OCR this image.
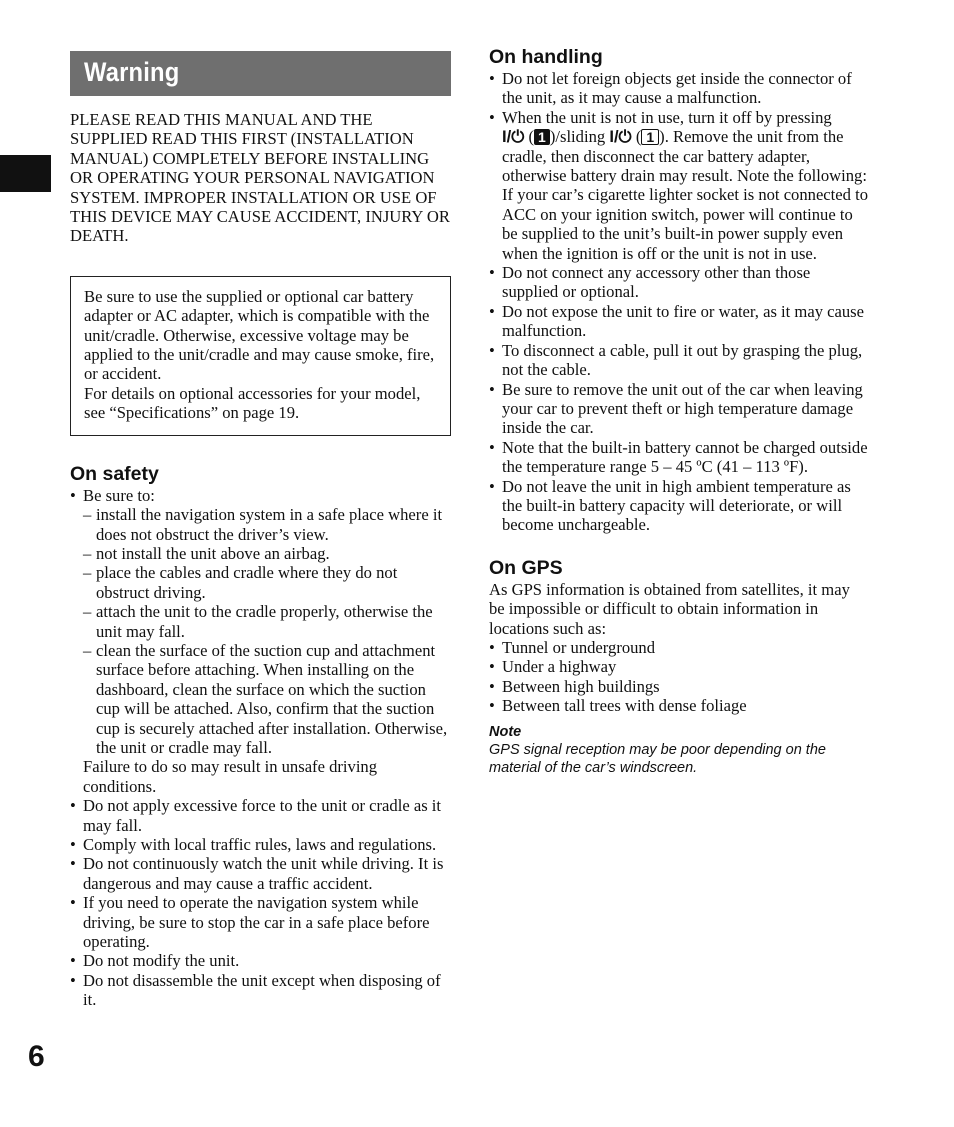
6
Warning
PLEASE READ THIS MANUAL AND THE SUPPLIED READ THIS FIRST (INSTALLATION MANUAL) COMPLETELY BEFORE INSTALLING OR OPERATING YOUR PERSONAL NAVIGATION SYSTEM. IMPROPER INSTALLATION OR USE OF THIS DEVICE MAY CAUSE ACCIDENT, INJURY OR DEATH.
Be sure to use the supplied or optional car battery adapter or AC adapter, which is compatible with the unit/cradle. Otherwise, excessive voltage may be applied to the unit/cradle and may cause smoke, fire, or accident.
For details on optional accessories for your model, see “Specifications” on page 19.
On safety
• Be sure to:
– install the navigation system in a safe place where it does not obstruct the driver’s view.
– not install the unit above an airbag.
– place the cables and cradle where they do not obstruct driving.
– attach the unit to the cradle properly, otherwise the unit may fall.
– clean the surface of the suction cup and attachment surface before attaching. When installing on the dashboard, clean the surface on which the suction cup will be attached. Also, confirm that the suction cup is securely attached after installation. Otherwise, the unit or cradle may fall.
Failure to do so may result in unsafe driving conditions.
• Do not apply excessive force to the unit or cradle as it may fall.
• Comply with local traffic rules, laws and regulations.
• Do not continuously watch the unit while driving. It is dangerous and may cause a traffic accident.
• If you need to operate the navigation system while driving, be sure to stop the car in a safe place before operating.
• Do not modify the unit.
• Do not disassemble the unit except when disposing of it.
On handling
• Do not let foreign objects get inside the connector of the unit, as it may cause a malfunction.
• When the unit is not in use, turn it off by pressing
I/⏻ ( 1 )/sliding I/⏻ ( 1 ). Remove the unit from the cradle, then disconnect the car battery adapter, otherwise battery drain may result. Note the following:
If your car’s cigarette lighter socket is not connected to ACC on your ignition switch, power will continue to be supplied to the unit’s built-in power supply even when the ignition is off or the unit is not in use.
• Do not connect any accessory other than those supplied or optional.
• Do not expose the unit to fire or water, as it may cause malfunction.
• To disconnect a cable, pull it out by grasping the plug, not the cable.
• Be sure to remove the unit out of the car when leaving your car to prevent theft or high temperature damage inside the car.
• Note that the built-in battery cannot be charged outside the temperature range 5 – 45 ºC (41 – 113 ºF).
• Do not leave the unit in high ambient temperature as the built-in battery capacity will deteriorate, or will become unchargeable.
On GPS
As GPS information is obtained from satellites, it may be impossible or difficult to obtain information in locations such as:
• Tunnel or underground
• Under a highway
• Between high buildings
• Between tall trees with dense foliage
Note
GPS signal reception may be poor depending on the material of the car’s windscreen.
